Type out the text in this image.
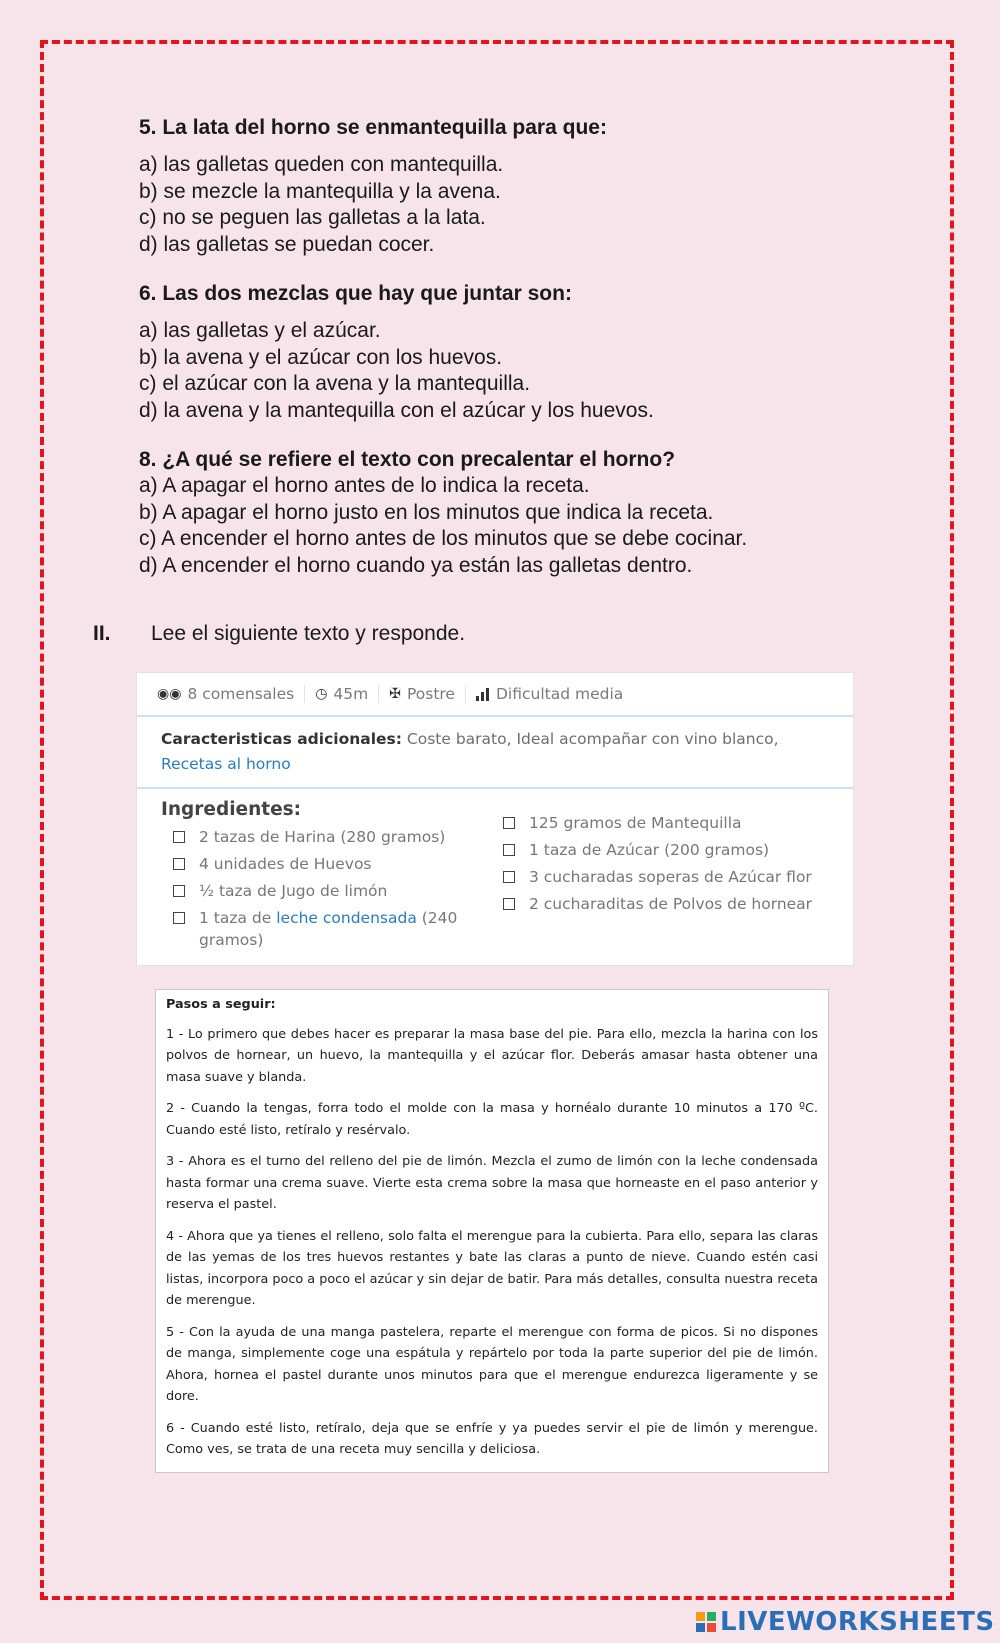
5. La lata del horno se enmantequilla para que:
a) las galletas queden con mantequilla.
b) se mezcle la mantequilla y la avena.
c) no se peguen las galletas a la lata.
d) las galletas se puedan cocer.
6. Las dos mezclas que hay que juntar son:
a) las galletas y el azúcar.
b) la avena y el azúcar con los huevos.
c) el azúcar con la avena y la mantequilla.
d) la avena y la mantequilla con el azúcar y los huevos.
8. ¿A qué se refiere el texto con precalentar el horno?
a) A apagar el horno antes de lo indica la receta.
b) A apagar el horno justo en los minutos que indica la receta.
c) A encender el horno antes de los minutos que se debe cocinar.
d) A encender el horno cuando ya están las galletas dentro.
II. Lee el siguiente texto y responde.
◉◉ 8 comensales ◷ 45m ✠ Postre	Dificultad media
Caracteristicas adicionales: Coste barato, Ideal acompañar con vino blanco, Recetas al horno
Ingredientes:
2 tazas de Harina (280 gramos)
4 unidades de Huevos
½ taza de Jugo de limón
1 taza de leche condensada (240 gramos)
125 gramos de Mantequilla
1 taza de Azúcar (200 gramos)
3 cucharadas soperas de Azúcar flor
2 cucharaditas de Polvos de hornear
Pasos a seguir:
1 - Lo primero que debes hacer es preparar la masa base del pie. Para ello, mezcla la harina con los polvos de hornear, un huevo, la mantequilla y el azúcar flor. Deberás amasar hasta obtener una masa suave y blanda.
2 - Cuando la tengas, forra todo el molde con la masa y hornéalo durante 10 minutos a 170 ºC. Cuando esté listo, retíralo y resérvalo.
3 - Ahora es el turno del relleno del pie de limón. Mezcla el zumo de limón con la leche condensada hasta formar una crema suave. Vierte esta crema sobre la masa que horneaste en el paso anterior y reserva el pastel.
4 - Ahora que ya tienes el relleno, solo falta el merengue para la cubierta. Para ello, separa las claras de las yemas de los tres huevos restantes y bate las claras a punto de nieve. Cuando estén casi listas, incorpora poco a poco el azúcar y sin dejar de batir. Para más detalles, consulta nuestra receta de merengue.
5 - Con la ayuda de una manga pastelera, reparte el merengue con forma de picos. Si no dispones de manga, simplemente coge una espátula y repártelo por toda la parte superior del pie de limón. Ahora, hornea el pastel durante unos minutos para que el merengue endurezca ligeramente y se dore.
6 - Cuando esté listo, retíralo, deja que se enfríe y ya puedes servir el pie de limón y merengue. Como ves, se trata de una receta muy sencilla y deliciosa.
LIVEWORKSHEETS
